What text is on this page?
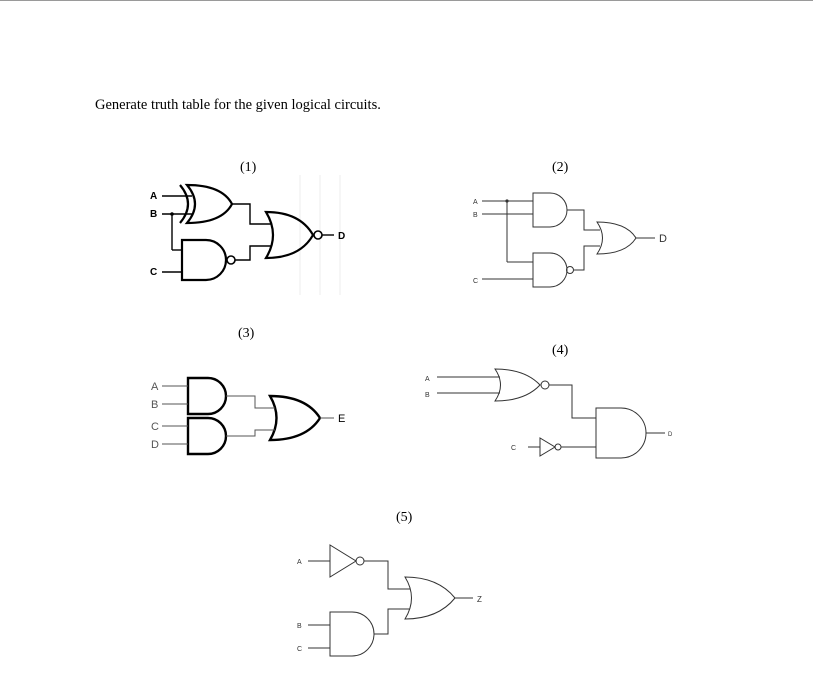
Generate truth table for the given logical circuits.
(1)	(2)
(3)
(4)
(5)
A
B
C
D
A
B
C
D
A
B
C
D
E
A
B
C
D
A
B
C
Z
